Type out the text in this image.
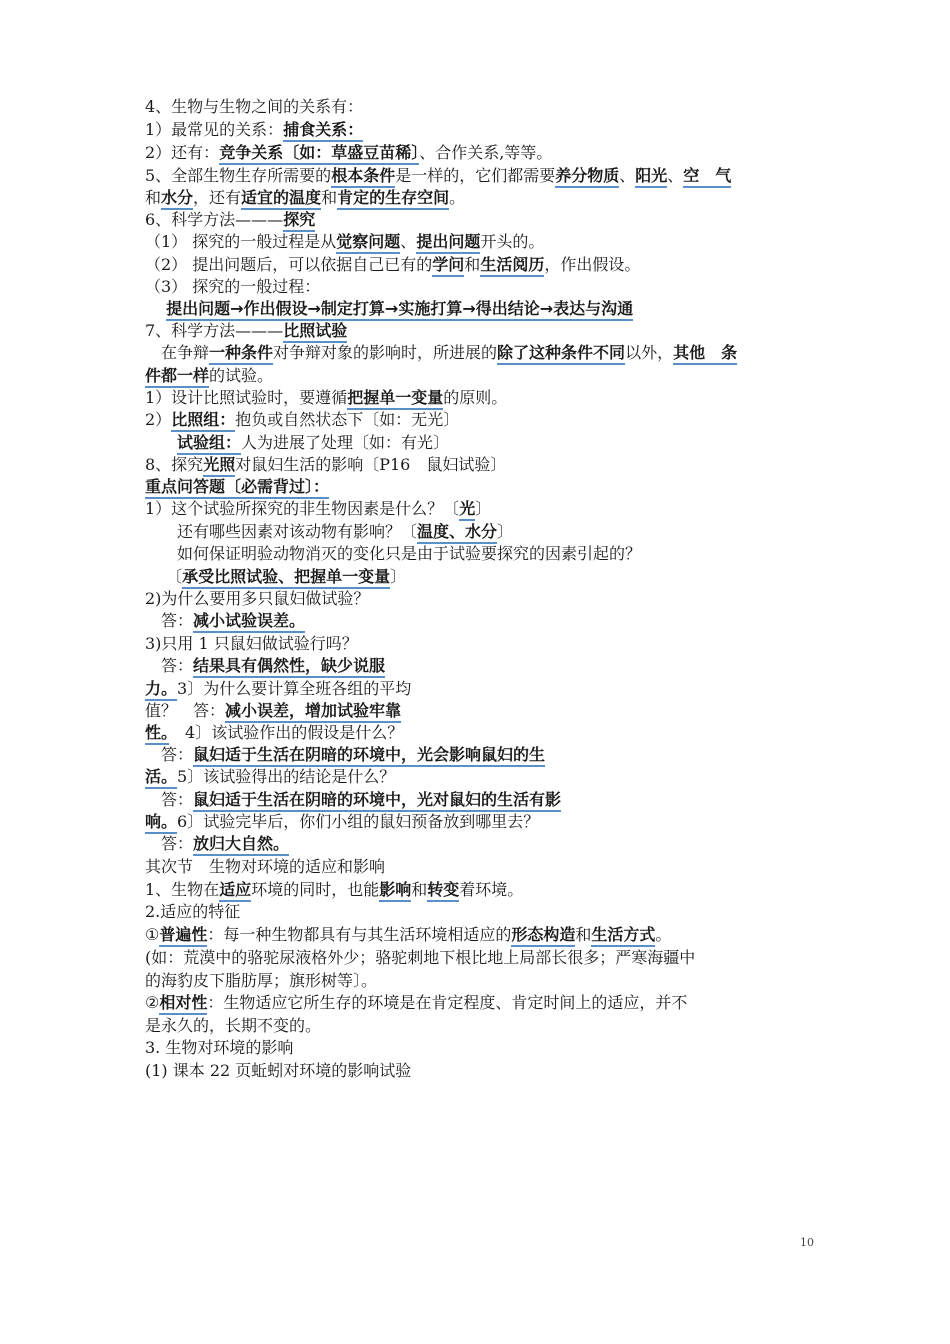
4、生物与生物之间的关系有：
1）最常见的关系：捕食关系：
2）还有：竞争关系〔如：草盛豆苗稀〕、合作关系,等等。
5、全部生物生存所需要的根本条件是一样的，它们都需要养分物质、阳光、空　气
和水分，还有适宜的温度和肯定的生存空间。
6、科学方法———探究
（1） 探究的一般过程是从觉察问题、提出问题开头的。
（2） 提出问题后，可以依据自己已有的学问和生活阅历，作出假设。
（3） 探究的一般过程：
　 提出问题→作出假设→制定打算→实施打算→得出结论→表达与沟通
7、科学方法———比照试验
　在争辩一种条件对争辩对象的影响时，所进展的除了这种条件不同以外，其他　条
件都一样的试验。
1）设计比照试验时，要遵循把握单一变量的原则。
2）比照组：抱负或自然状态下〔如：无光〕
　　试验组：人为进展了处理〔如：有光〕
8、探究光照对鼠妇生活的影响〔P16　鼠妇试验〕
重点问答题〔必需背过〕：
1）这个试验所探究的非生物因素是什么？〔光〕
　　还有哪些因素对该动物有影响？〔温度、水分〕
　　如何保证明验动物消灭的变化只是由于试验要探究的因素引起的？
　 〔承受比照试验、把握单一变量〕
2)为什么要用多只鼠妇做试验？
　答：减小试验误差。
3)只用 1 只鼠妇做试验行吗？
　答：结果具有偶然性，缺少说服
力。3〕为什么要计算全班各组的平均
值？　答：减小误差，增加试验牢靠
性。　4〕该试验作出的假设是什么？
　答：鼠妇适于生活在阴暗的环境中，光会影响鼠妇的生
活。5〕该试验得出的结论是什么？
　答：鼠妇适于生活在阴暗的环境中，光对鼠妇的生活有影
响。6〕试验完毕后，你们小组的鼠妇预备放到哪里去？
　答：放归大自然。
其次节　生物对环境的适应和影响
1、生物在适应环境的同时，也能影响和转变着环境。
2.适应的特征
①普遍性：每一种生物都具有与其生活环境相适应的形态构造和生活方式。
(如：荒漠中的骆驼尿液格外少；骆驼刺地下根比地上局部长很多；严寒海疆中
的海豹皮下脂肪厚；旗形树等〕。
②相对性：生物适应它所生存的环境是在肯定程度、肯定时间上的适应，并不
是永久的，长期不变的。
3. 生物对环境的影响
(1) 课本 22 页蚯蚓对环境的影响试验
10
